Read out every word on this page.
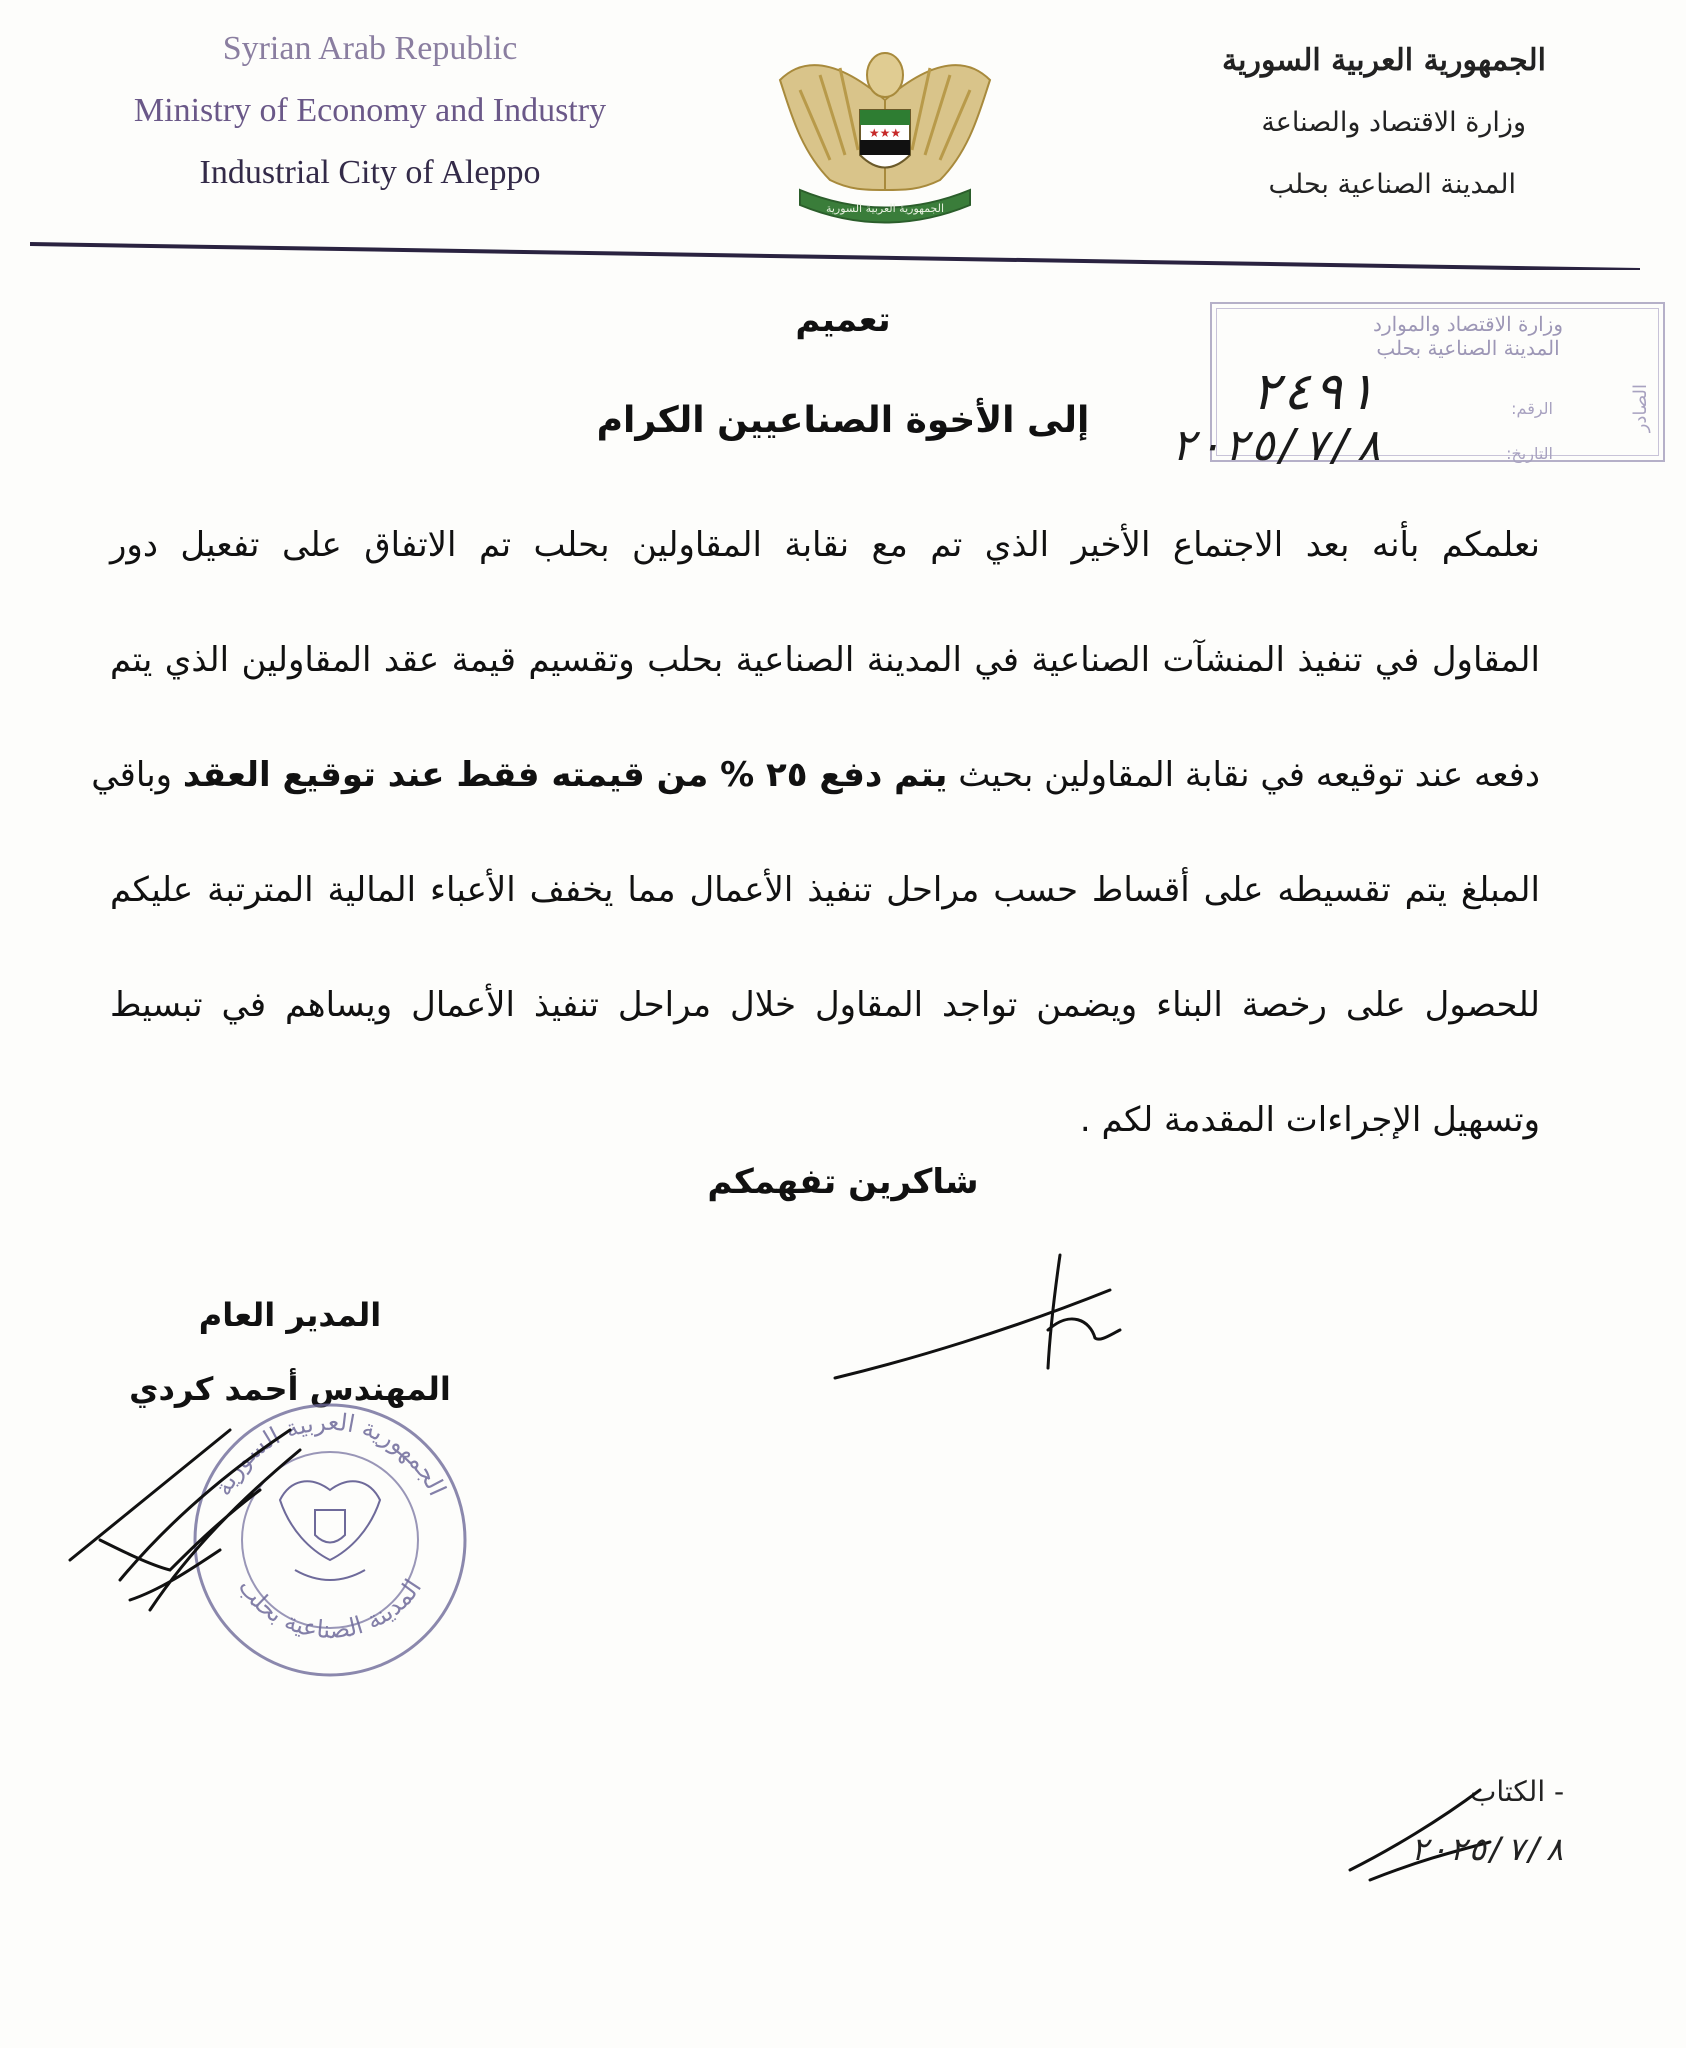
Syrian Arab Republic
Ministry of Economy and Industry
Industrial City of Aleppo
★★★
الجمهورية العربية السورية
الجمهورية العربية السورية
وزارة الاقتصاد والصناعة
المدينة الصناعية بحلب
وزارة الاقتصاد والموارد
المدينة الصناعية بحلب
الرقم:
التاريخ:
الصادر
٢٤٩١
٢٠٢٥/٧/٨
تعميم
إلى الأخوة الصناعيين الكرام

نعلمكم بأنه بعد الاجتماع الأخير الذي تم مع نقابة المقاولين بحلب تم الاتفاق على تفعيل دور

المقاول في تنفيذ المنشآت الصناعية في المدينة الصناعية بحلب وتقسيم قيمة عقد المقاولين الذي يتم

دفعه عند توقيعه في نقابة المقاولين بحيث يتم دفع ٢٥ % من قيمته فقط عند توقيع العقد وباقي

المبلغ يتم تقسيطه على أقساط حسب مراحل تنفيذ الأعمال مما يخفف الأعباء المالية المترتبة عليكم

للحصول على رخصة البناء ويضمن تواجد المقاول خلال مراحل تنفيذ الأعمال ويساهم في تبسيط

وتسهيل الإجراءات المقدمة لكم .

شاكرين تفهمكم
المدير العام
المهندس أحمد كردي
الجمهورية العربية السورية
المدينة الصناعية بحلب
- الكتاب
٢٠٢٥/٧/٨
